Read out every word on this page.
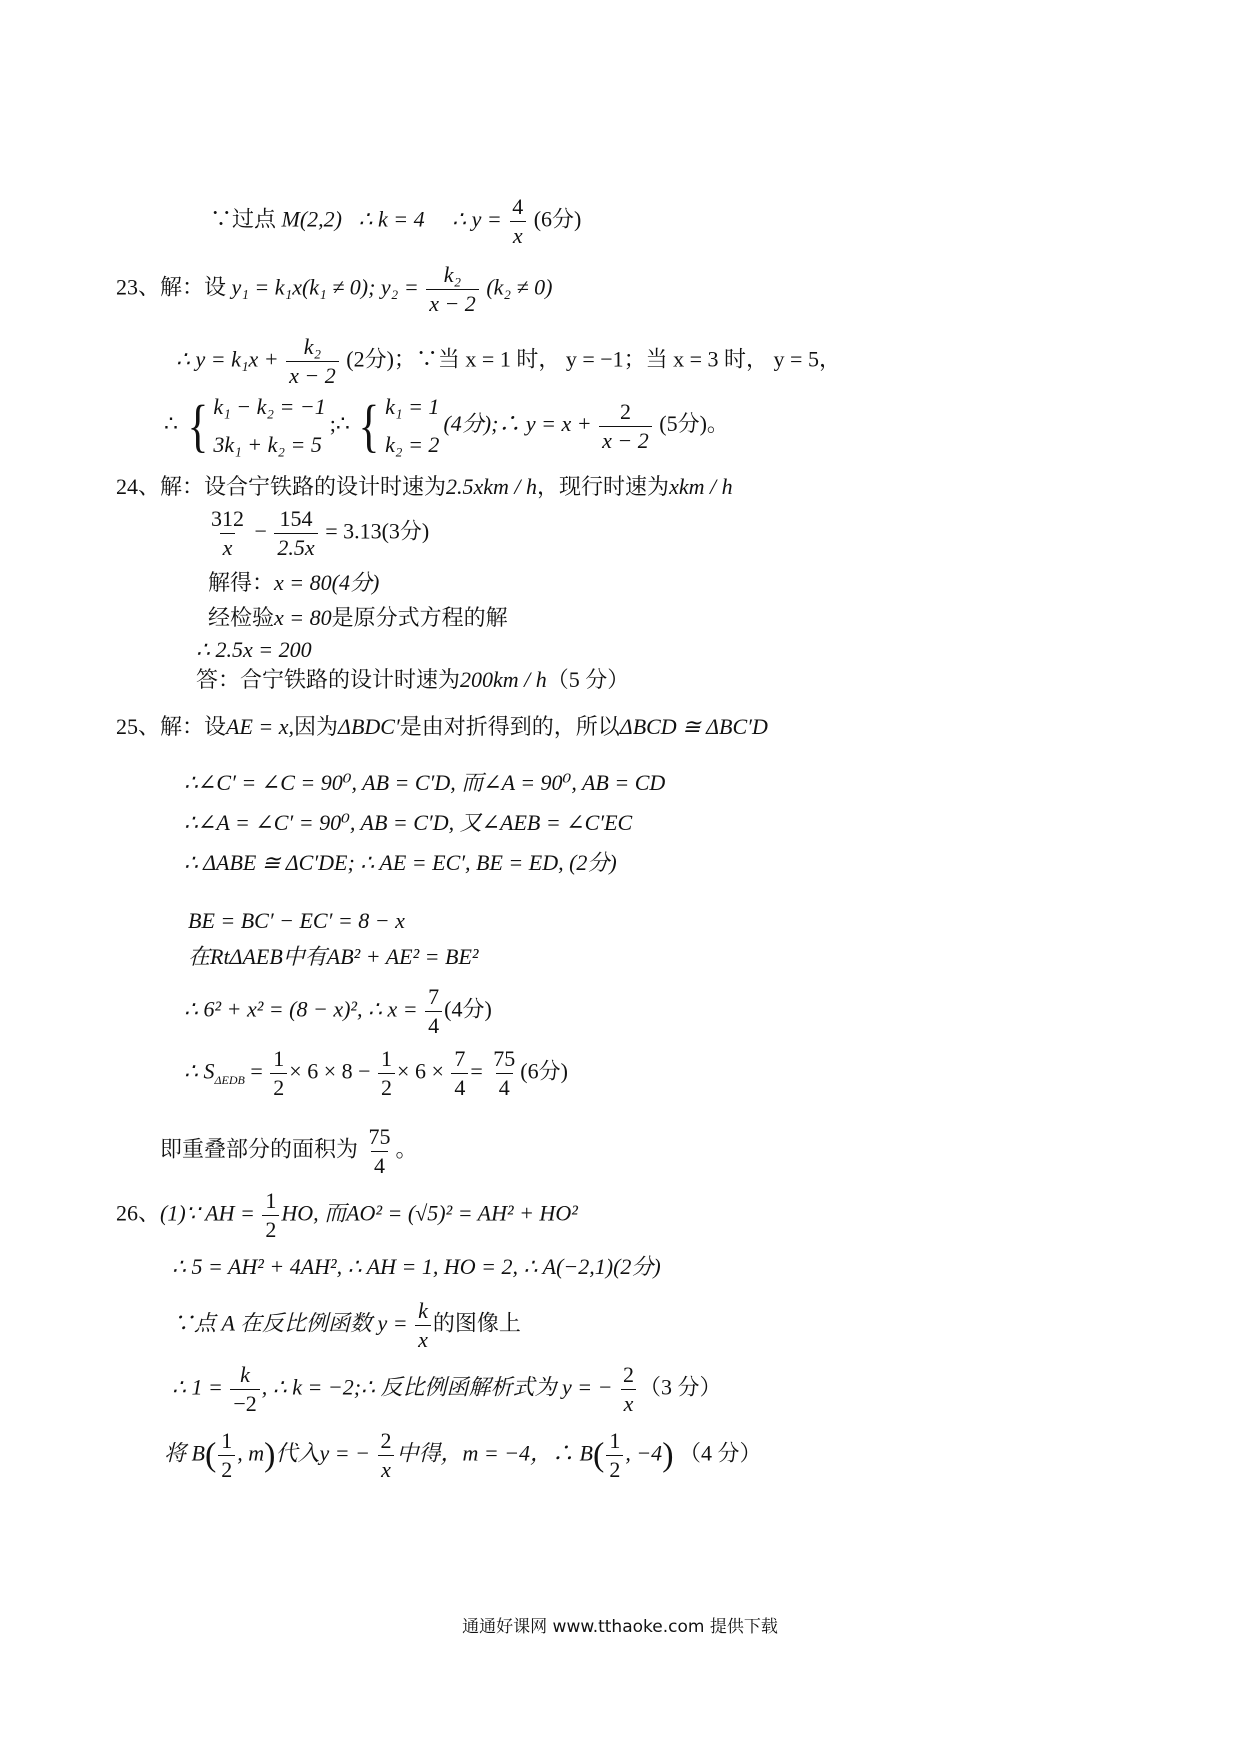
∵过点 M(2,2) ∴ k = 4 ∴ $y = \frac{4}{x} (6$分)
23、解：设 y₁ = k₁x(k₁ ≠ 0); $y_2 = \frac{\text{k₂}}{x - 2} (k_2 \ne 0)$
∴ $y = k_1x + \frac{\text{k₂}}{x - 2} (2$分)；∵当 x = 1 时， y = −1；当 x = 3 时， y = 5，
∴ { k₁ − k₂ = −1
3k₁ + k₂ = 5
;∴ { k₁ = 1
k₂ = 2
(4分);∴ $y = x + \frac{2}{x - 2} (5$分)。
24、解：设合宁铁路的设计时速为2.5xkm / h，现行时速为xkm / h
$\frac{312}{x} - \frac{154}{2.5x} = 3.13(3$分)
解得：x = 80(4分)
经检验x = 80是原分式方程的解
∴ 2.5x = 200
答：合宁铁路的设计时速为200km / h（5 分）
25、解：设AE = x,因为ΔBDC′是由对折得到的，所以ΔBCD ≅ ΔBC′D
∴∠C′ = ∠C = 90⁰, AB = C′D, 而∠A = 90⁰, AB = CD
∴∠A = ∠C′ = 90⁰, AB = C′D, 又∠AEB = ∠C′EC
∴ ΔABE ≅ ΔC′DE; ∴ AE = EC′, BE = ED, (2分)
BE = BC′ − EC′ = 8 − x
在RtΔAEB中有AB² + AE² = BE²
∴ 6² + x² = (8 − x)², ∴ $x = \frac{7}{4} (4$分)
∴ $S_{\Delta EDB} = \frac{1}{2} \times 6 \times 8 - \frac{1}{2} \times 6 \times \frac{7}{4} = \frac{75}{4} (6$分)
即重叠部分的面积为 $\frac{75}{4}$ 。
26、(1)∵ AH = $\frac{1}{2}$ HO, 而AO² = (√5)² = AH² + HO²
∴ 5 = AH² + 4AH², ∴ AH = 1, HO = 2, ∴ A(−2,1)(2分)
∵点 A 在反比例函数 $y = \frac{k}{x}$ 的图像上
∴ $1 = \frac{k}{-2}$ , ∴ k = −2;∴ 反比例函解析式为 y = − $\frac{2}{x} (3$ 分）
将 $B( \frac{1}{2}$ , m)代入y = − $\frac{2}{x}$ 中得，m = −4，∴ $B( \frac{1}{2}$ , −4) （4 分）
通通好课网 www.tthaoke.com 提供下载
